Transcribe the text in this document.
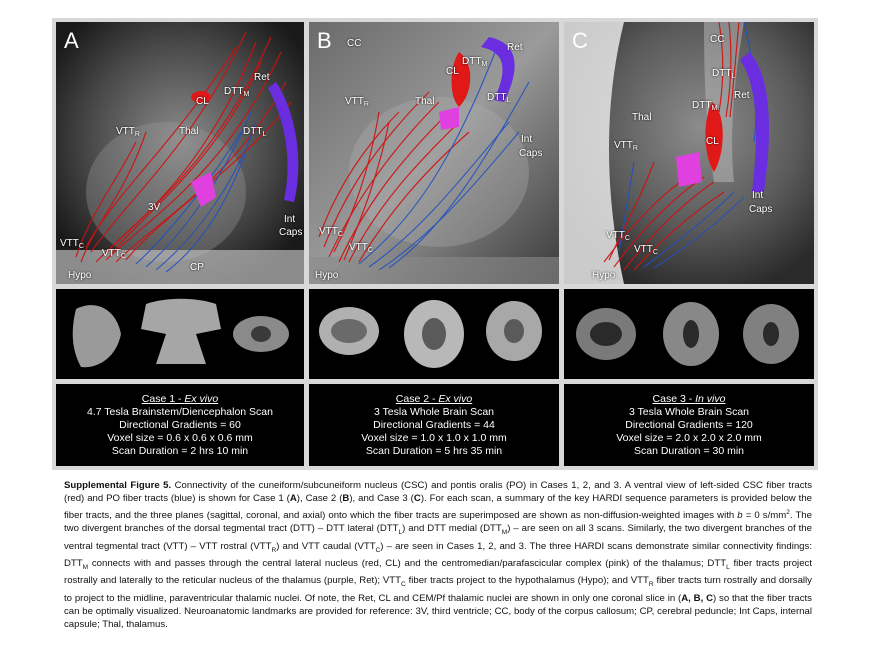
A
CL
$DTT_M$
Ret
$VTT_R$	Thal	$DTT_L$
3V
Int
Caps
$VTT_C$
$VTT_C$
CP
Hypo
B CC	Ret
CL
$DTT_M$
$VTT_R$	Thal	$DTT_L$
Int
Caps
$VTT_C$
$VTT_C$
Hypo
C	CC
$DTT_L$
$DTT_M$
Ret
Thal
CL
$VTT_R$
Int
Caps
$VTT_C$
$VTT_C$
Hypo
Case 1 - Ex vivo
4.7 Tesla Brainstem/Diencephalon Scan
Directional Gradients = 60
Voxel size = 0.6 x 0.6 x 0.6 mm
Scan Duration = 2 hrs 10 min
Case 2 - Ex vivo
3 Tesla Whole Brain Scan
Directional Gradients = 44
Voxel size = 1.0 x 1.0 x 1.0 mm
Scan Duration = 5 hrs 35 min
Case 3 - In vivo
3 Tesla Whole Brain Scan
Directional Gradients = 120
Voxel size = 2.0 x 2.0 x 2.0 mm
Scan Duration = 30 min
Supplemental Figure 5. Connectivity of the cuneiform/subcuneiform nucleus (CSC) and pontis oralis (PO) in Cases 1, 2, and 3. A ventral view of left-sided CSC fiber tracts (red) and PO fiber tracts (blue) is shown for Case 1 (A), Case 2 (B), and Case 3 (C). For each scan, a summary of the key HARDI sequence parameters is provided below the fiber tracts, and the three planes (sagittal, coronal, and axial) onto which the fiber tracts are superimposed are shown as non-diffusion-weighted images with b = 0 $s/mm^2$. The two divergent branches of the dorsal tegmental tract (DTT) – DTT lateral $(DTT_L)$ and DTT medial $(DTT_M)$ – are seen on all 3 scans. Similarly, the two divergent branches of the ventral tegmental tract (VTT) – VTT rostral $(VTT_R)$ and VTT caudal $(VTT_C)$ – are seen in Cases 1, 2, and 3. The three HARDI scans demonstrate similar connectivity findings: $DTT_M$ connects with and passes through the central lateral nucleus (red, CL) and the centromedian/parafascicular complex (pink) of the thalamus; $DTT_L$ fiber tracts project rostrally and laterally to the reticular nucleus of the thalamus (purple, Ret); $VTT_C$ fiber tracts project to the hypothalamus (Hypo); and $VTT_R$ fiber tracts turn rostrally and dorsally to project to the midline, paraventricular thalamic nuclei. Of note, the Ret, CL and CEM/Pf thalamic nuclei are shown in only one coronal slice in (A, B, C) so that the fiber tracts can be optimally visualized. Neuroanatomic landmarks are provided for reference: 3V, third ventricle; CC, body of the corpus callosum; CP, cerebral peduncle; Int Caps, internal capsule; Thal, thalamus.
